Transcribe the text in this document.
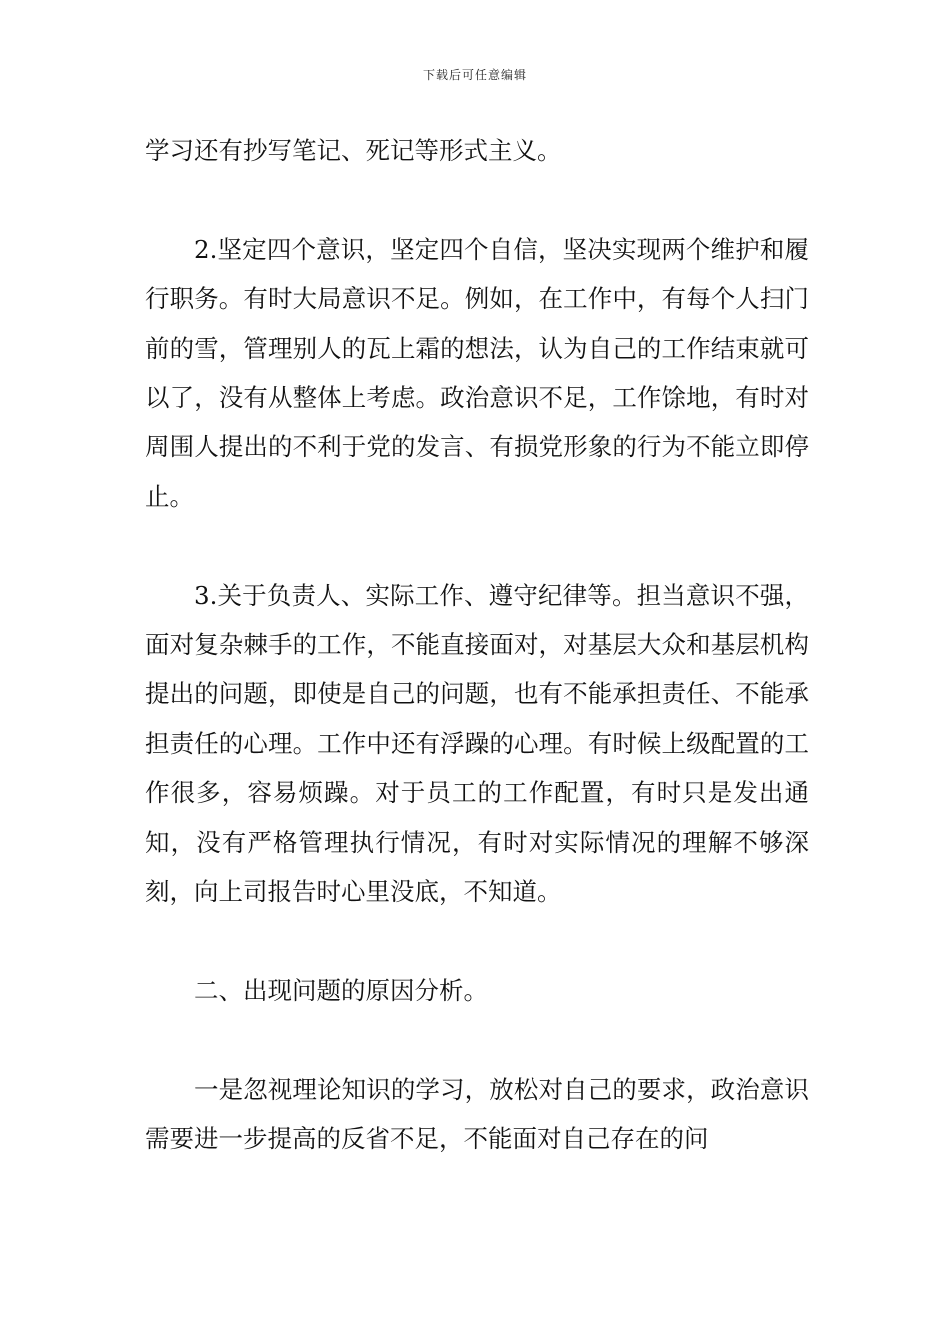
下载后可任意编辑

学习还有抄写笔记、死记等形式主义。

2.坚定四个意识，坚定四个自信，坚决实现两个维护和履行职务。有时大局意识不足。例如，在工作中，有每个人扫门前的雪，管理别人的瓦上霜的想法，认为自己的工作结束就可以了，没有从整体上考虑。政治意识不足，工作馀地，有时对周围人提出的不利于党的发言、有损党形象的行为不能立即停止。

3.关于负责人、实际工作、遵守纪律等。担当意识不强，面对复杂棘手的工作，不能直接面对，对基层大众和基层机构提出的问题，即使是自己的问题，也有不能承担责任、不能承担责任的心理。工作中还有浮躁的心理。有时候上级配置的工作很多，容易烦躁。对于员工的工作配置，有时只是发出通知，没有严格管理执行情况，有时对实际情况的理解不够深刻，向上司报告时心里没底，不知道。

二、出现问题的原因分析。

一是忽视理论知识的学习，放松对自己的要求，政治意识需要进一步提高的反省不足，不能面对自己存在的问
